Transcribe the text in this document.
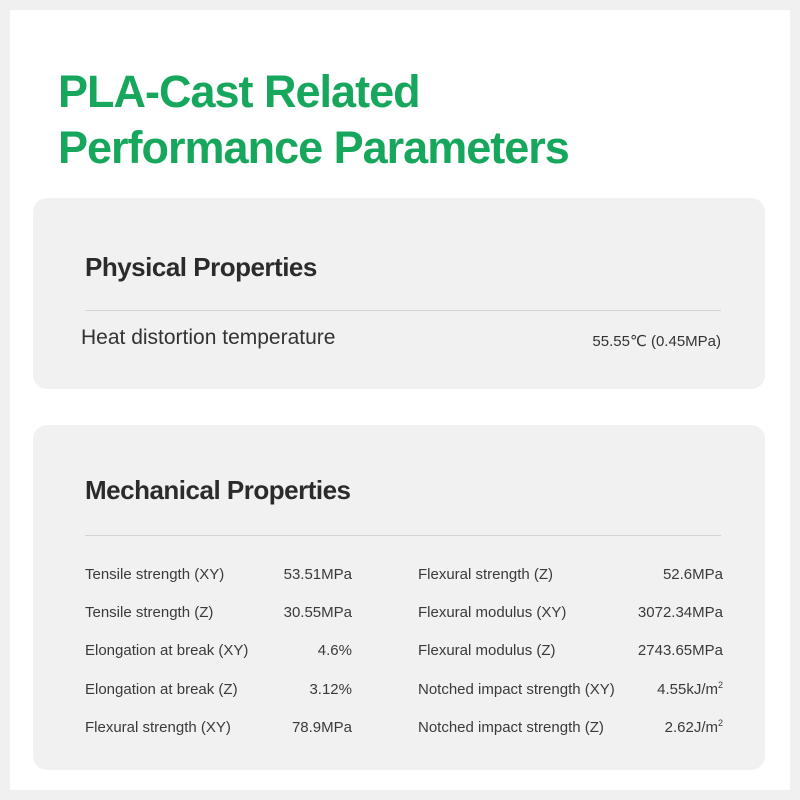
PLA-Cast Related
Performance Parameters
Physical Properties
Heat distortion temperature	55.55℃ (0.45MPa)
Mechanical Properties
Tensile strength (XY)	53.51MPa
Tensile strength (Z)	30.55MPa
Elongation at break (XY)	4.6%
Elongation at break (Z)	3.12%
Flexural strength (XY)	78.9MPa
Flexural strength (Z)	52.6MPa
Flexural modulus (XY)	3072.34MPa
Flexural modulus (Z)	2743.65MPa
Notched impact strength (XY)	$4.55kJ/m^2$
Notched impact strength (Z)	$2.62J/m^2$
